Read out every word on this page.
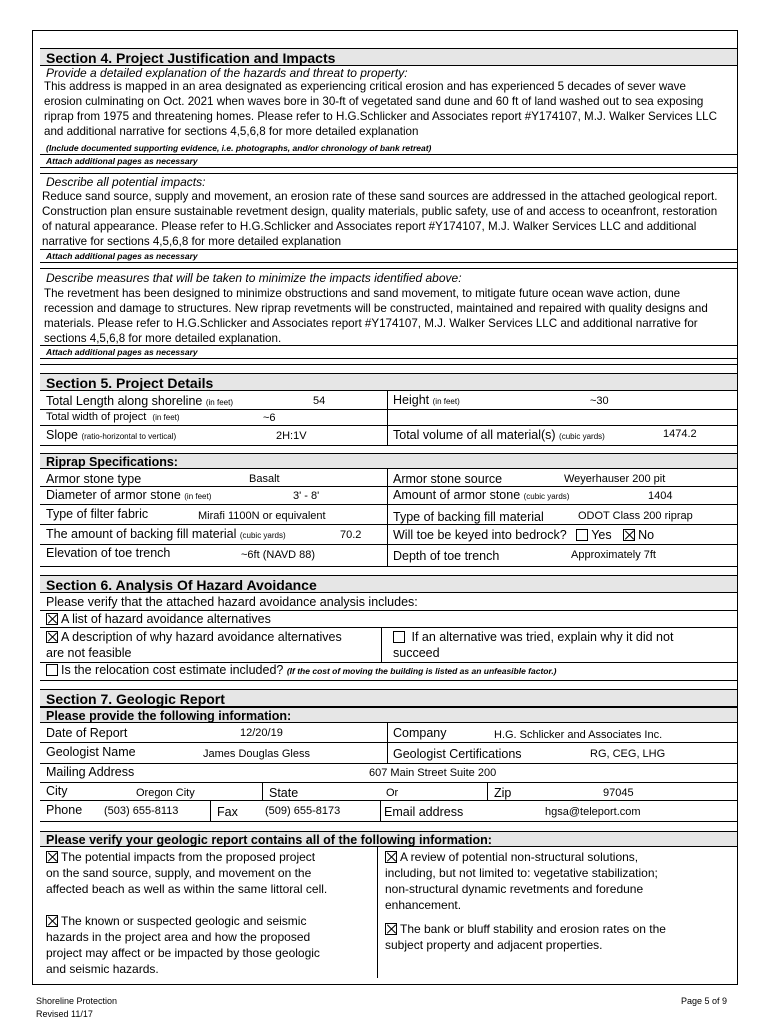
Section 4. Project Justification and Impacts
Provide a detailed explanation of the hazards and threat to property:
This address is mapped in an area designated as experiencing critical erosion and has experienced 5 decades of sever wave erosion culminating on Oct. 2021 when waves bore in 30-ft of vegetated sand dune and 60 ft of land washed out to sea exposing riprap from 1975 and threatening homes. Please refer to H.G.Schlicker and Associates report #Y174107, M.J. Walker Services LLC and additional narrative for sections 4,5,6,8 for more detailed explanation
(Include documented supporting evidence, i.e. photographs, and/or chronology of bank retreat)
Attach additional pages as necessary
Describe all potential impacts:
Reduce sand source, supply and movement, an erosion rate of these sand sources are addressed in the attached geological report. Construction plan ensure sustainable revetment design, quality materials, public safety, use of and access to oceanfront, restoration of natural appearance. Please refer to H.G.Schlicker and Associates report #Y174107, M.J. Walker Services LLC and additional narrative for sections 4,5,6,8 for more detailed explanation
Attach additional pages as necessary
Describe measures that will be taken to minimize the impacts identified above:
The revetment has been designed to minimize obstructions and sand movement, to mitigate future ocean wave action, dune recession and damage to structures. New riprap revetments will be constructed, maintained and repaired with quality designs and materials. Please refer to H.G.Schlicker and Associates report #Y174107, M.J. Walker Services LLC and additional narrative for sections 4,5,6,8 for more detailed explanation.
Attach additional pages as necessary
Section 5. Project Details
Total Length along shoreline (in feet)	54	Height (in feet)	~30
Total width of project (in feet)	~6
Slope (ratio-horizontal to vertical)	2H:1V	Total volume of all material(s) (cubic yards)	1474.2
Riprap Specifications:
Armor stone type	Basalt	Armor stone source	Weyerhauser 200 pit
Diameter of armor stone (in feet)	3' - 8'	Amount of armor stone (cubic yards)	1404
Type of filter fabric	Mirafi 1100N or equivalent	Type of backing fill material	ODOT Class 200 riprap
The amount of backing fill material (cubic yards)	70.2	Will toe be keyed into bedrock? Yes No
Elevation of toe trench	~6ft (NAVD 88)	Depth of toe trench	Approximately 7ft
Section 6. Analysis Of Hazard Avoidance
Please verify that the attached hazard avoidance analysis includes:
A list of hazard avoidance alternatives
A description of why hazard avoidance alternatives
are not feasible
If an alternative was tried, explain why it did not
succeed
Is the relocation cost estimate included? (If the cost of moving the building is listed as an unfeasible factor.)
Section 7. Geologic Report
Please provide the following information:
Date of Report	12/20/19	Company	H.G. Schlicker and Associates Inc.
Geologist Name	James Douglas Gless	Geologist Certifications	RG, CEG, LHG
Mailing Address	607 Main Street Suite 200
City	Oregon City	State	Or	Zip	97045
Phone (503) 655-8113	Fax (509) 655-8173	Email address	hgsa@teleport.com
Please verify your geologic report contains all of the following information:
The potential impacts from the proposed project
on the sand source, supply, and movement on the
affected beach as well as within the same littoral cell.
The known or suspected geologic and seismic
hazards in the project area and how the proposed
project may affect or be impacted by those geologic
and seismic hazards.
A review of potential non-structural solutions,
including, but not limited to: vegetative stabilization;
non-structural dynamic revetments and foredune
enhancement.
The bank or bluff stability and erosion rates on the
subject property and adjacent properties.
Shoreline Protection
Revised 11/17
Page 5 of 9
